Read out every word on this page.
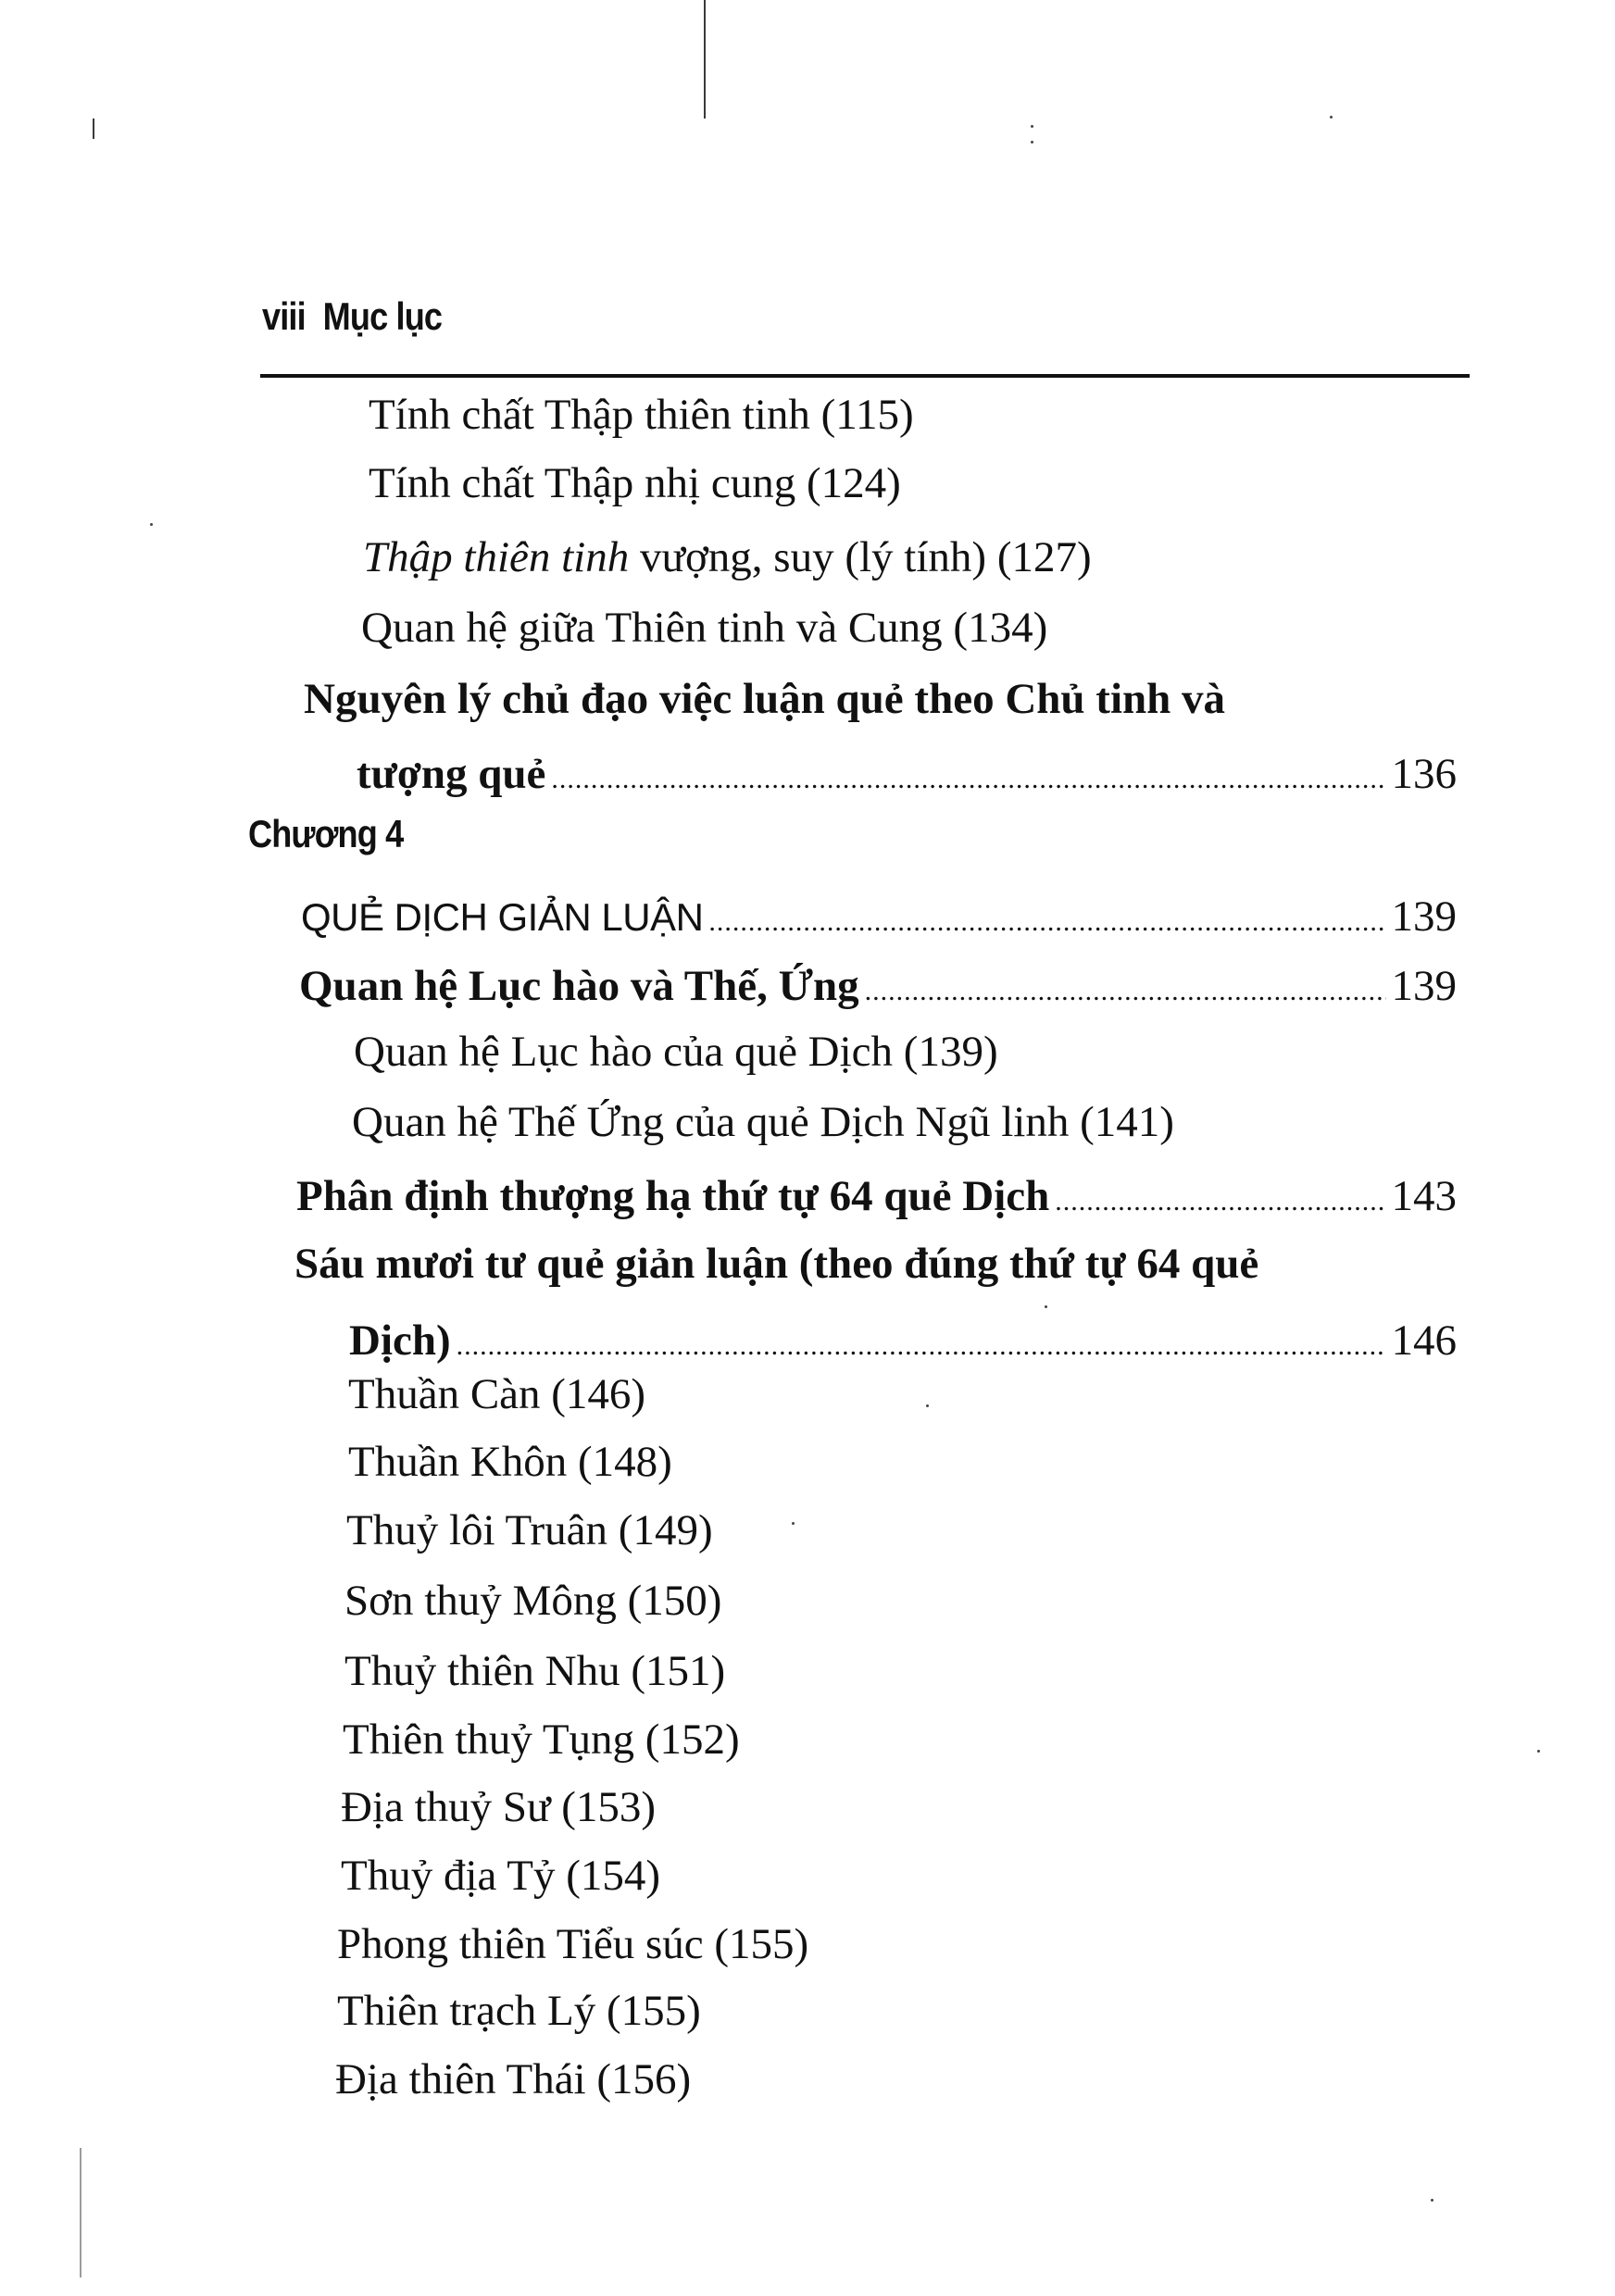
viii Mục lục
Tính chất Thập thiên tinh (115)
Tính chất Thập nhị cung (124)
Thập thiên tinh vượng, suy (lý tính) (127)
Quan hệ giữa Thiên tinh và Cung (134)
Nguyên lý chủ đạo việc luận quẻ theo Chủ tinh và
tượng quẻ .....	136
Chương 4
QUẺ DỊCH GIẢN LUẬN .....	139
Quan hệ Lục hào và Thế, Ứng .....	139
Quan hệ Lục hào của quẻ Dịch (139)
Quan hệ Thế Ứng của quẻ Dịch Ngũ linh (141)
Phân định thượng hạ thứ tự 64 quẻ Dịch .....	143
Sáu mươi tư quẻ giản luận (theo đúng thứ tự 64 quẻ
Dịch) .....	146
Thuần Càn (146)
Thuần Khôn (148)
Thuỷ lôi Truân (149)
Sơn thuỷ Mông (150)
Thuỷ thiên Nhu (151)
Thiên thuỷ Tụng (152)
Địa thuỷ Sư (153)
Thuỷ địa Tỷ (154)
Phong thiên Tiểu súc (155)
Thiên trạch Lý (155)
Địa thiên Thái (156)
